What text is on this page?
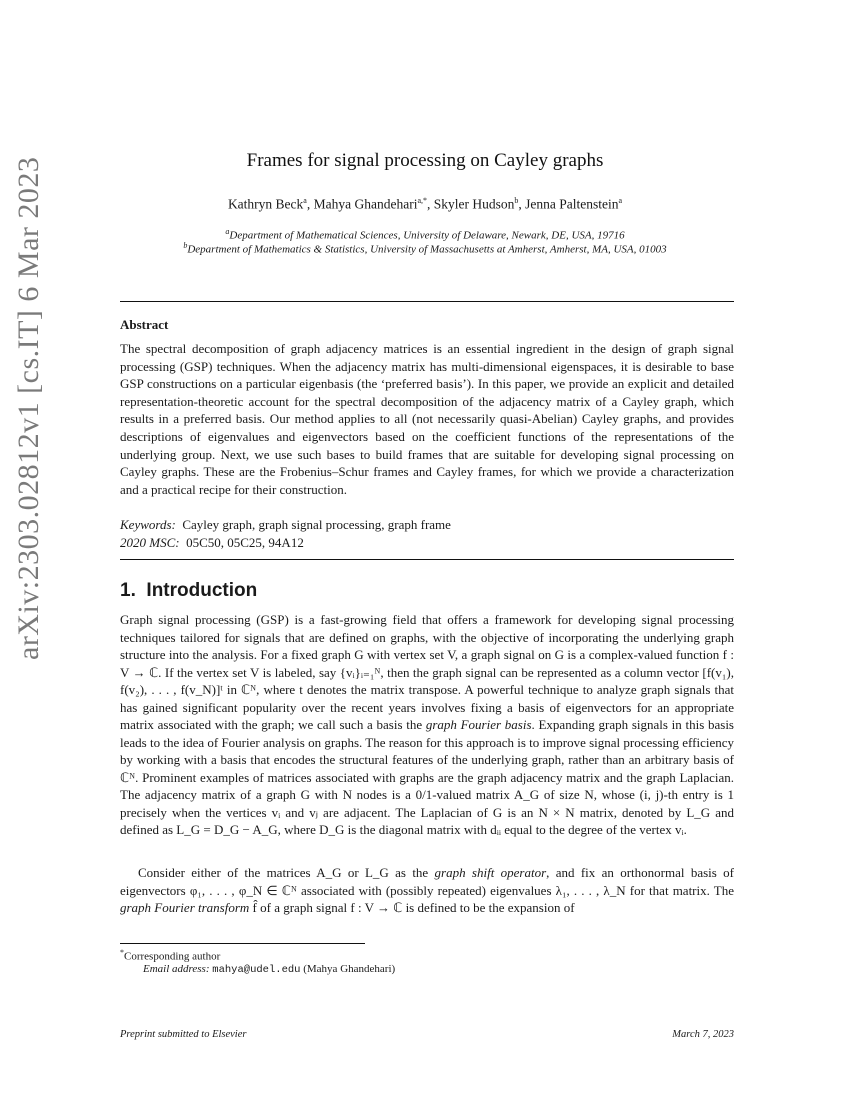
arXiv:2303.02812v1 [cs.IT] 6 Mar 2023	Frames for signal processing on Cayley graphs
Kathryn Beck$^a$, Mahya Ghandehari$^{a,*}$, Skyler Hudson$^b$, Jenna Paltenstein$^a$
$^a$Department of Mathematical Sciences, University of Delaware, Newark, DE, USA, 19716
$^b$Department of Mathematics & Statistics, University of Massachusetts at Amherst, Amherst, MA, USA, 01003
Abstract

The spectral decomposition of graph adjacency matrices is an essential ingredient in the design of graph signal processing (GSP) techniques. When the adjacency matrix has multi-dimensional eigenspaces, it is desirable to base GSP constructions on a particular eigenbasis (the ‘preferred basis’). In this paper, we provide an explicit and detailed representation-theoretic account for the spectral decomposition of the adjacency matrix of a Cayley graph, which results in a preferred basis. Our method applies to all (not necessarily quasi-Abelian) Cayley graphs, and provides descriptions of eigenvalues and eigenvectors based on the coefficient functions of the representations of the underlying group. Next, we use such bases to build frames that are suitable for developing signal processing on Cayley graphs. These are the Frobenius–Schur frames and Cayley frames, for which we provide a characterization and a practical recipe for their construction.

Keywords: Cayley graph, graph signal processing, graph frame
2020 MSC: 05C50, 05C25, 94A12
1. Introduction

Graph signal processing (GSP) is a fast-growing field that offers a framework for developing signal processing techniques tailored for signals that are defined on graphs, with the objective of incorporating the underlying graph structure into the analysis. For a fixed graph G with vertex set V, a graph signal on G is a complex-valued function f : V → ℂ. If the vertex set V is labeled, say {vᵢ}ᵢ₌₁ᴺ, then the graph signal can be represented as a column vector [f(v₁), f(v₂), . . . , f(v_N)]ᵗ in ℂᴺ, where t denotes the matrix transpose. A powerful technique to analyze graph signals that has gained significant popularity over the recent years involves fixing a basis of eigenvectors for an appropriate matrix associated with the graph; we call such a basis the graph Fourier basis. Expanding graph signals in this basis leads to the idea of Fourier analysis on graphs. The reason for this approach is to improve signal processing efficiency by working with a basis that encodes the structural features of the underlying graph, rather than an arbitrary basis of ℂᴺ. Prominent examples of matrices associated with graphs are the graph adjacency matrix and the graph Laplacian. The adjacency matrix of a graph G with N nodes is a 0/1-valued matrix A_G of size N, whose (i, j)-th entry is 1 precisely when the vertices vᵢ and vⱼ are adjacent. The Laplacian of G is an N × N matrix, denoted by L_G and defined as L_G = D_G − A_G, where D_G is the diagonal matrix with dᵢᵢ equal to the degree of the vertex vᵢ.

Consider either of the matrices A_G or L_G as the graph shift operator, and fix an orthonormal basis of eigenvectors φ₁, . . . , φ_N ∈ ℂᴺ associated with (possibly repeated) eigenvalues λ₁, . . . , λ_N for that matrix. The graph Fourier transform f̂ of a graph signal f : V → ℂ is defined to be the expansion of

*Corresponding author
Email address: mahya@udel.edu (Mahya Ghandehari)
Preprint submitted to Elsevier	March 7, 2023
